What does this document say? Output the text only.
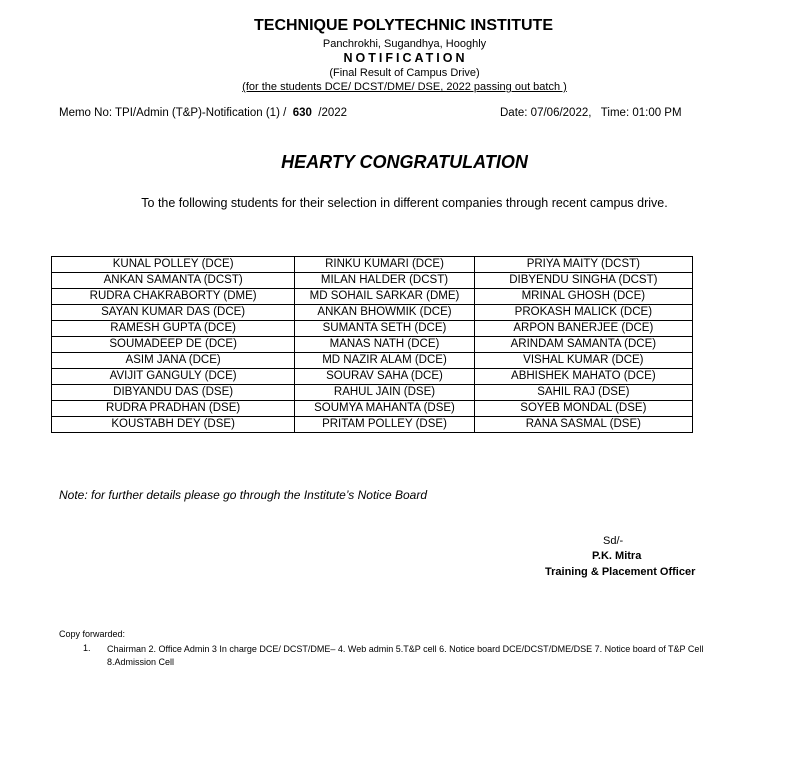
TECHNIQUE POLYTECHNIC INSTITUTE
Panchrokhi, Sugandhya, Hooghly
NOTIFICATION
(Final Result of Campus Drive)
(for the students DCE/ DCST/DME/ DSE, 2022 passing out batch )
Memo No: TPI/Admin (T&P)-Notification (1) / 630 /2022	Date: 07/06/2022,   Time: 01:00 PM
HEARTY CONGRATULATION
To the following students for their selection in different companies through recent campus drive.
KUNAL POLLEY (DCE)	RINKU KUMARI (DCE)	PRIYA MAITY (DCST)
ANKAN SAMANTA (DCST)	MILAN HALDER (DCST)	DIBYENDU SINGHA (DCST)
RUDRA CHAKRABORTY (DME)	MD SOHAIL SARKAR (DME)	MRINAL GHOSH (DCE)
SAYAN KUMAR DAS (DCE)	ANKAN BHOWMIK (DCE)	PROKASH MALICK (DCE)
RAMESH GUPTA (DCE)	SUMANTA SETH (DCE)	ARPON BANERJEE (DCE)
SOUMADEEP DE (DCE)	MANAS NATH (DCE)	ARINDAM SAMANTA (DCE)
ASIM JANA (DCE)	MD NAZIR ALAM (DCE)	VISHAL KUMAR (DCE)
AVIJIT GANGULY (DCE)	SOURAV SAHA (DCE)	ABHISHEK MAHATO (DCE)
DIBYANDU DAS (DSE)	RAHUL JAIN (DSE)	SAHIL RAJ (DSE)
RUDRA PRADHAN (DSE)	SOUMYA MAHANTA (DSE)	SOYEB MONDAL (DSE)
KOUSTABH DEY (DSE)	PRITAM POLLEY (DSE)	RANA SASMAL (DSE)
Note: for further details please go through the Institute’s Notice Board
Sd/-
P.K. Mitra
Training & Placement Officer
Copy forwarded:
1. Chairman 2. Office Admin 3 In charge DCE/ DCST/DME– 4. Web admin 5.T&P cell 6. Notice board DCE/DCST/DME/DSE 7. Notice board of T&P Cell 8.Admission Cell
